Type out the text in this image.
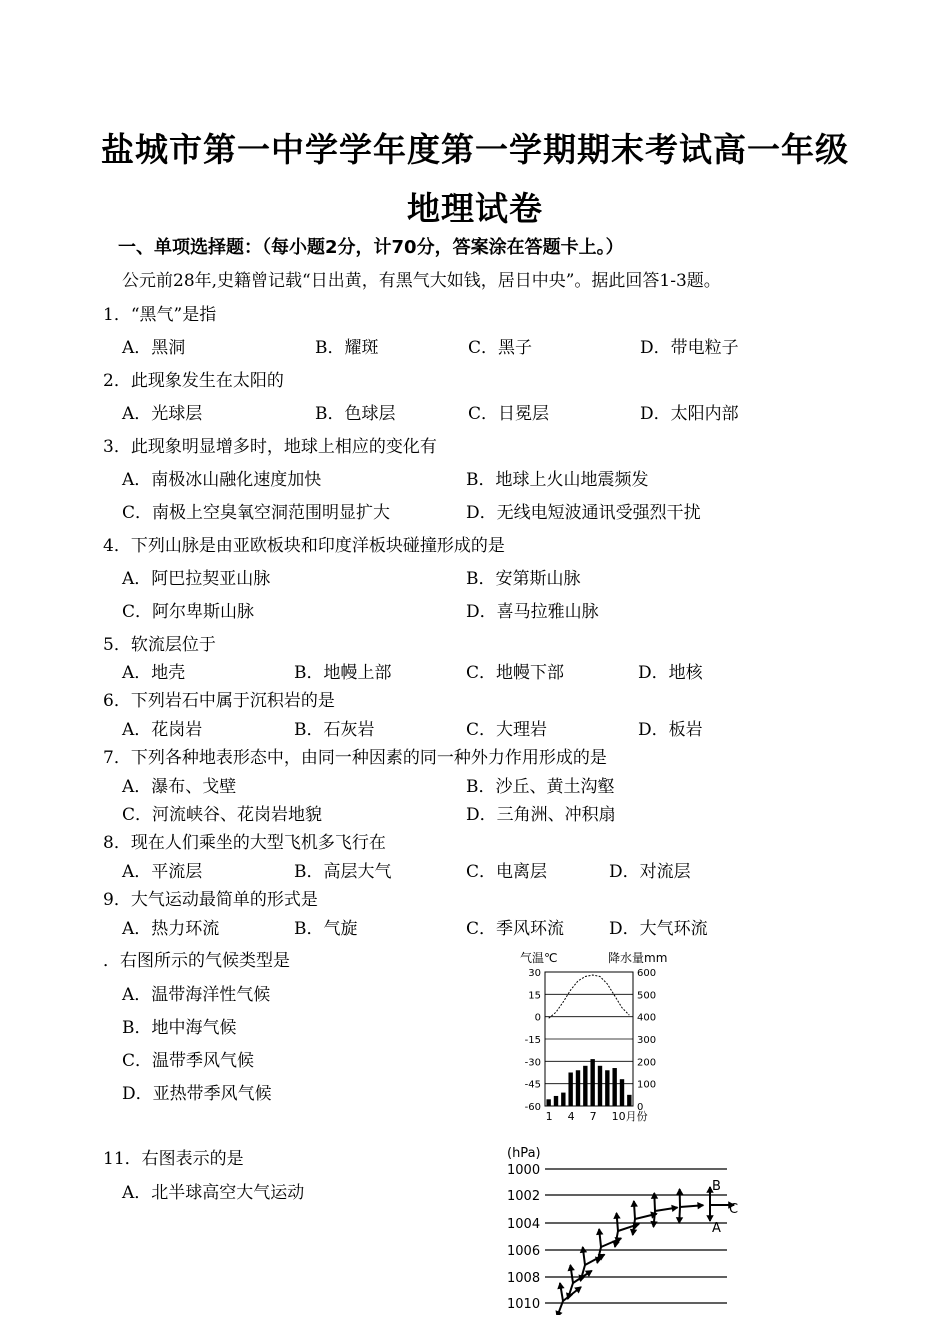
盐城市第一中学学年度第一学期期末考试高一年级
地理试卷
一、单项选择题：（每小题2分，计70分，答案涂在答题卡上。）
公元前28年,史籍曾记载“日出黄，有黑气大如钱，居日中央”。据此回答1-3题。
1．“黑气”是指
A．黑洞	B．耀斑	C．黑子	D．带电粒子
2．此现象发生在太阳的
A．光球层	B．色球层	C．日冕层	D．太阳内部
3．此现象明显增多时，地球上相应的变化有
A．南极冰山融化速度加快	B．地球上火山地震频发
C．南极上空臭氧空洞范围明显扩大	D．无线电短波通讯受强烈干扰
4．下列山脉是由亚欧板块和印度洋板块碰撞形成的是
A．阿巴拉契亚山脉	B．安第斯山脉
C．阿尔卑斯山脉	D．喜马拉雅山脉
5．软流层位于
A．地壳	B．地幔上部	C．地幔下部	D．地核
6．下列岩石中属于沉积岩的是
A．花岗岩	B．石灰岩	C．大理岩	D．板岩
7．下列各种地表形态中，由同一种因素的同一种外力作用形成的是
A．瀑布、戈壁	B．沙丘、黄土沟壑
C．河流峡谷、花岗岩地貌	D．三角洲、冲积扇
8．现在人们乘坐的大型飞机多飞行在
A．平流层	B．高层大气	C．电离层	D．对流层
9．大气运动最简单的形式是
A．热力环流	B．气旋	C．季风环流	D．大气环流
．右图所示的气候类型是
A．温带海洋性气候
B．地中海气候
C．温带季风气候
D．亚热带季风气候
11．右图表示的是
A．北半球高空大气运动
气温℃	降水量mm
30
15
0
-15
-30
-45
-60
600
500
400
300
200
100
0
1 4 7 10月份
(hPa)
1000
1002
1004
1006
1008
1010
B
C
A
